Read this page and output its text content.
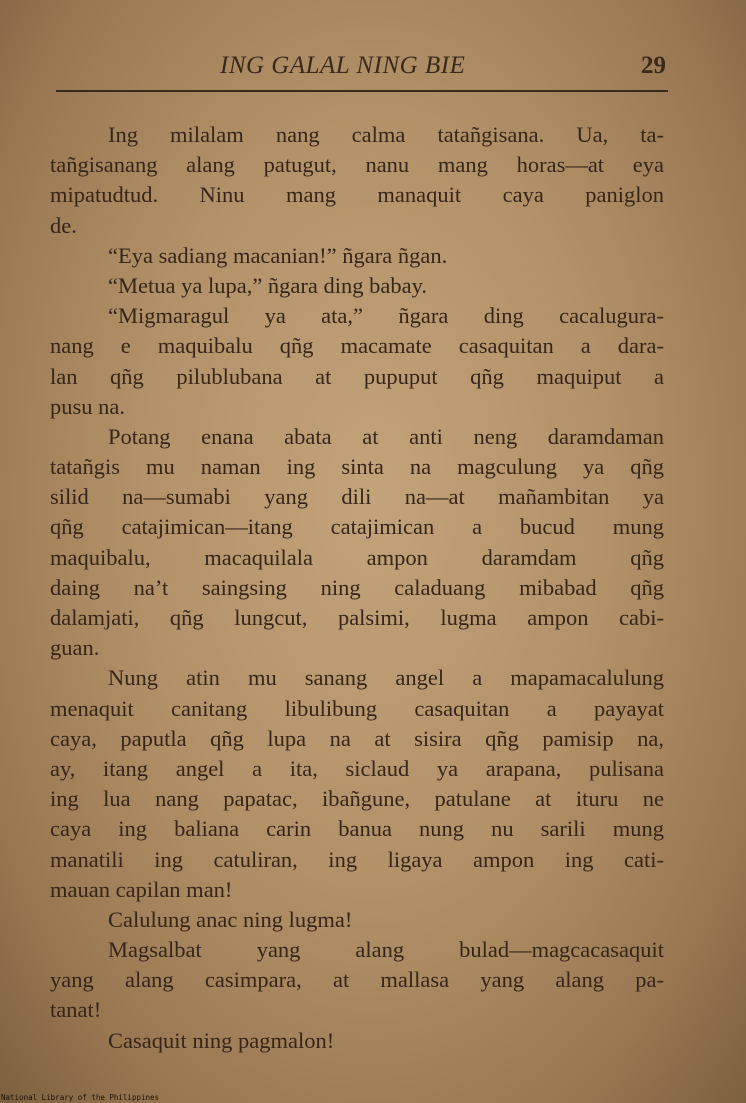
ING GALAL NING BIE	29
Ing milalam nang calma tatañgisana. Ua, ta-
tañgisanang alang patugut, nanu mang horas—at eya
mipatudtud. Ninu mang manaquit caya paniglon
de.
“Eya sadiang macanian!” ñgara ñgan.
“Metua ya lupa,” ñgara ding babay.
“Migmaragul ya ata,” ñgara ding cacalugura-
nang e maquibalu qñg macamate casaquitan a dara-
lan qñg pilublubana at pupuput qñg maquiput a
pusu na.
Potang enana abata at anti neng daramdaman
tatañgis mu naman ing sinta na magculung ya qñg
silid na—sumabi yang dili na—at mañambitan ya
qñg catajimican—itang catajimican a bucud mung
maquibalu, macaquilala ampon daramdam qñg
daing na’t saingsing ning caladuang mibabad qñg
dalamjati, qñg lungcut, palsimi, lugma ampon cabi-
guan.
Nung atin mu sanang angel a mapamacalulung
menaquit canitang libulibung casaquitan a payayat
caya, paputla qñg lupa na at sisira qñg pamisip na,
ay, itang angel a ita, siclaud ya arapana, pulisana
ing lua nang papatac, ibañgune, patulane at ituru ne
caya ing baliana carin banua nung nu sarili mung
manatili ing catuliran, ing ligaya ampon ing cati-
mauan capilan man!
Calulung anac ning lugma!
Magsalbat yang alang bulad—magcacasaquit
yang alang casimpara, at mallasa yang alang pa-
tanat!
Casaquit ning pagmalon!
National Library of the Philippines
